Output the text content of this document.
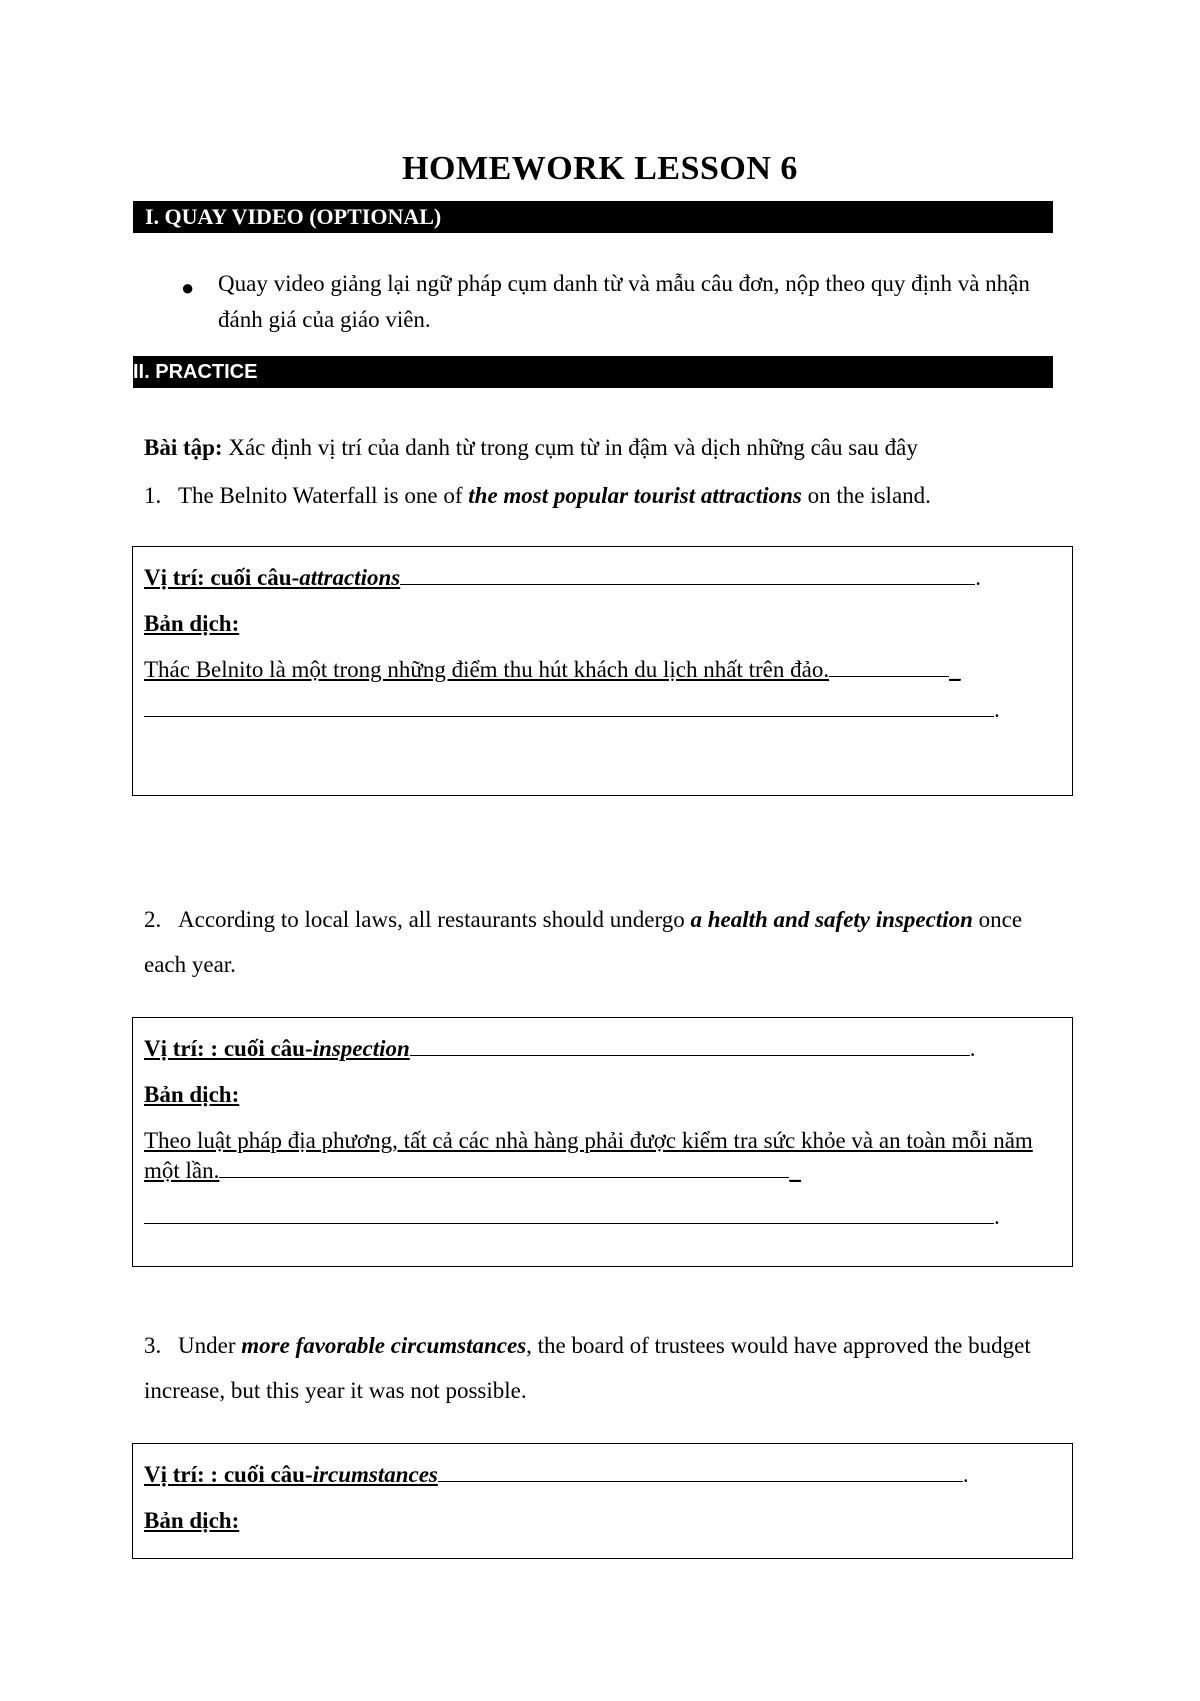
HOMEWORK LESSON 6
I. QUAY VIDEO (OPTIONAL)
● Quay video giảng lại ngữ pháp cụm danh từ và mẫu câu đơn, nộp theo quy định và nhận đánh giá của giáo viên.
II. PRACTICE
Bài tập: Xác định vị trí của danh từ trong cụm từ in đậm và dịch những câu sau đây
1. The Belnito Waterfall is one of the most popular tourist attractions on the island.
Vị trí: cuối câu-attractions	.
Bản dịch:
Thác Belnito là một trong những điểm thu hút khách du lịch nhất trên đảo.	_
.
2. According to local laws, all restaurants should undergo a health and safety inspection once each year.
Vị trí: : cuối câu-inspection	.
Bản dịch:
Theo luật pháp địa phương, tất cả các nhà hàng phải được kiểm tra sức khỏe và an toàn mỗi năm một lần.	_
.
3. Under more favorable circumstances, the board of trustees would have approved the budget increase, but this year it was not possible.
Vị trí: : cuối câu-ircumstances	.
Bản dịch:
